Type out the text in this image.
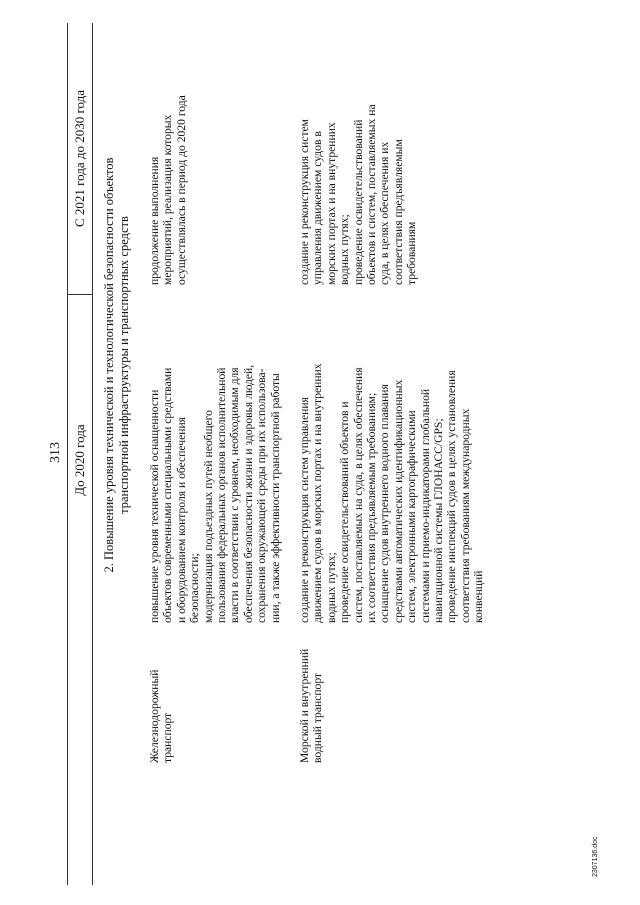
313 До 2020 года
С 2021 года до 2030 года 2. Повышение уровня технической и технологической безопасности объектов транспортной инфраструктуры и транспортных средств
Железнодорожный транспорт
повышение уровня технической оснащенности объектов современными специальными средствами и оборудованием контроля и обеспечения безопасности; модернизация подъездных путей необщего пользования федеральных органов исполнительной власти в соответствии с уровнем, необходимым для обеспечения безопасности жизни и здоровья людей, сохранения окружающей среды при их использова- нии, а также эффективности транспортной работы
продолжение выполнения мероприятий, реализация которых осуществлялась в период до 2020 года
Морской и внутренний водный транспорт
создание и реконструкция систем управления движением судов в морских портах и на внутренних водных путях; проведение освидетельствований объектов и систем, поставляемых на суда, в целях обеспечения их соответствия предъявляемым требованиям; оснащение судов внутреннего водного плавания средствами автоматических идентификационных систем, электронными картографическими системами и приемо-индикаторами глобальной навигационной системы ГЛОНАСС/GPS; проведение инспекций судов в целях установления соответствия требованиям международных конвенций
создание и реконструкция систем управления движением судов в морских портах и на внутренних водных путях; проведение освидетельствований объектов и систем, поставляемых на суда, в целях обеспечения их соответствия предъявляемым требованиям
2307136.doc
